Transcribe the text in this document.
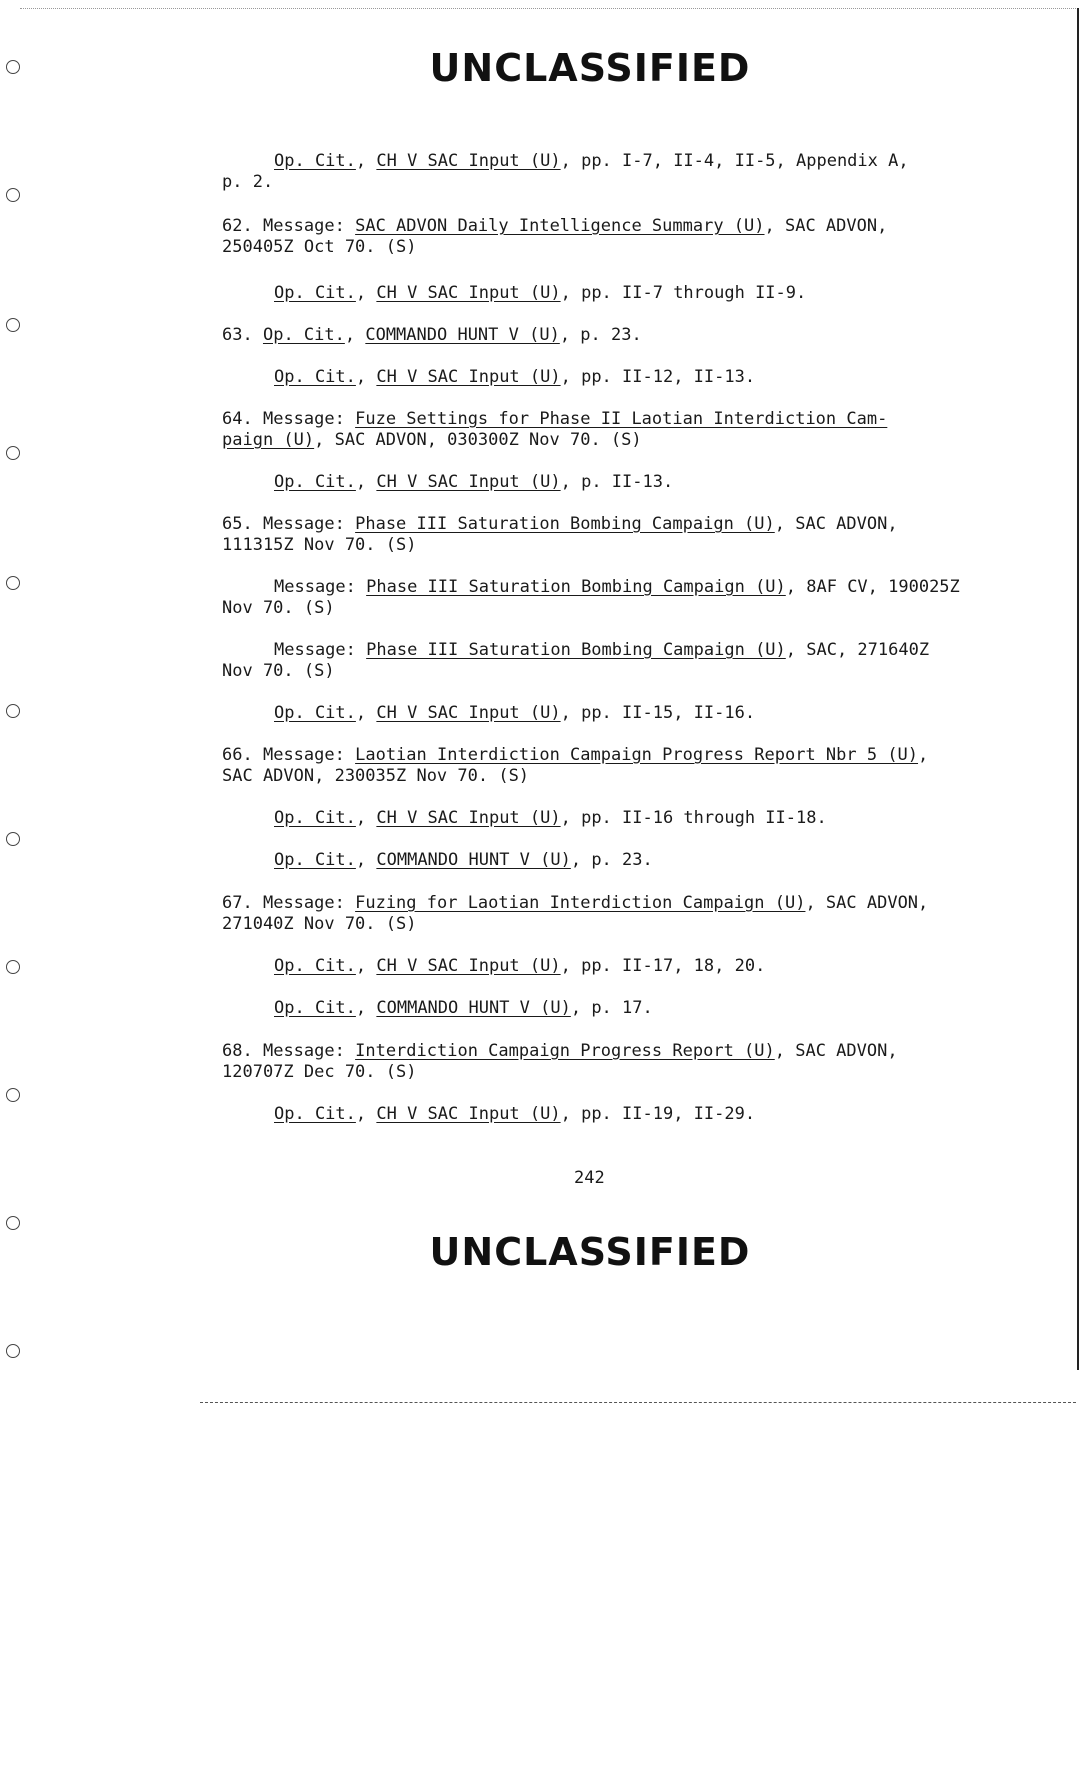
UNCLASSIFIED
Op. Cit., CH V SAC Input (U), pp. I-7, II-4, II-5, Appendix A,
p. 2.
62. Message: SAC ADVON Daily Intelligence Summary (U), SAC ADVON,
250405Z Oct 70. (S)
Op. Cit., CH V SAC Input (U), pp. II-7 through II-9.
63. Op. Cit., COMMANDO HUNT V (U), p. 23.
Op. Cit., CH V SAC Input (U), pp. II-12, II-13.
64. Message: Fuze Settings for Phase II Laotian Interdiction Cam-
paign (U), SAC ADVON, 030300Z Nov 70. (S)
Op. Cit., CH V SAC Input (U), p. II-13.
65. Message: Phase III Saturation Bombing Campaign (U), SAC ADVON,
111315Z Nov 70. (S)
Message: Phase III Saturation Bombing Campaign (U), 8AF CV, 190025Z
Nov 70. (S)
Message: Phase III Saturation Bombing Campaign (U), SAC, 271640Z
Nov 70. (S)
Op. Cit., CH V SAC Input (U), pp. II-15, II-16.
66. Message: Laotian Interdiction Campaign Progress Report Nbr 5 (U),
SAC ADVON, 230035Z Nov 70. (S)
Op. Cit., CH V SAC Input (U), pp. II-16 through II-18.
Op. Cit., COMMANDO HUNT V (U), p. 23.
67. Message: Fuzing for Laotian Interdiction Campaign (U), SAC ADVON,
271040Z Nov 70. (S)
Op. Cit., CH V SAC Input (U), pp. II-17, 18, 20.
Op. Cit., COMMANDO HUNT V (U), p. 17.
68. Message: Interdiction Campaign Progress Report (U), SAC ADVON,
120707Z Dec 70. (S)
Op. Cit., CH V SAC Input (U), pp. II-19, II-29.
242
UNCLASSIFIED
